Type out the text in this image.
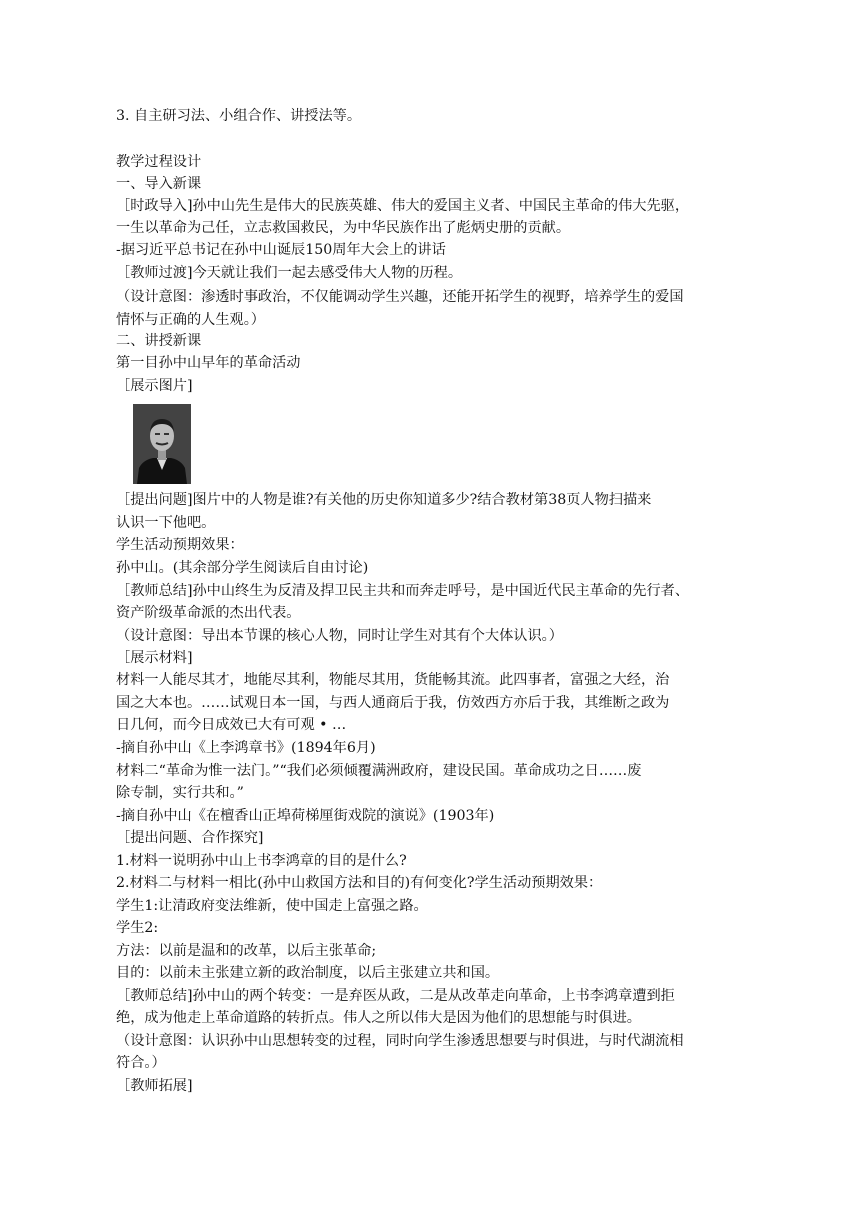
3. 自主研习法、小组合作、讲授法等。
教学过程设计
一、导入新课
［时政导入]孙中山先生是伟大的民族英雄、伟大的爱国主义者、中国民主革命的伟大先驱，
一生以革命为己任，立志救国救民，为中华民族作出了彪炳史册的贡献。
-据习近平总书记在孙中山诞辰150周年大会上的讲话
［教师过渡]今天就让我们一起去感受伟大人物的历程。
（设计意图：渗透时事政治，不仅能调动学生兴趣，还能开拓学生的视野，培养学生的爱国
情怀与正确的人生观。）
二、讲授新课
第一目孙中山早年的革命活动
［展示图片]
［提出问题]图片中的人物是谁?有关他的历史你知道多少?结合教材第38页人物扫描来
认识一下他吧。
学生活动预期效果：
孙中山。(其余部分学生阅读后自由讨论)
［教师总结]孙中山终生为反清及捍卫民主共和而奔走呼号，是中国近代民主革命的先行者、
资产阶级革命派的杰出代表。
（设计意图：导出本节课的核心人物，同时让学生对其有个大体认识。）
［展示材料]
材料一人能尽其才，地能尽其利，物能尽其用，货能畅其流。此四事者，富强之大经，治
国之大本也。……试观日本一国，与西人通商后于我，仿效西方亦后于我，其维断之政为
日几何，而今日成效已大有可观 • …
-摘自孙中山《上李鸿章书》(1894年6月)
材料二“革命为惟一法门。”“我们必须倾覆满洲政府，建设民国。革命成功之日……废
除专制，实行共和。”
-摘自孙中山《在檀香山正埠荷梯厘街戏院的演说》(1903年)
［提出问题、合作探究]
1.材料一说明孙中山上书李鸿章的目的是什么?
2.材料二与材料一相比(孙中山救国方法和目的)有何变化?学生活动预期效果：
学生1:让清政府变法维新，使中国走上富强之路。
学生2:
方法：以前是温和的改革，以后主张革命;
目的：以前未主张建立新的政治制度，以后主张建立共和国。
［教师总结]孙中山的两个转变：一是弃医从政，二是从改革走向革命，上书李鸿章遭到拒
绝，成为他走上革命道路的转折点。伟人之所以伟大是因为他们的思想能与时俱进。
（设计意图：认识孙中山思想转变的过程，同时向学生渗透思想要与时俱进，与时代湖流相
符合。）
［教师拓展]
